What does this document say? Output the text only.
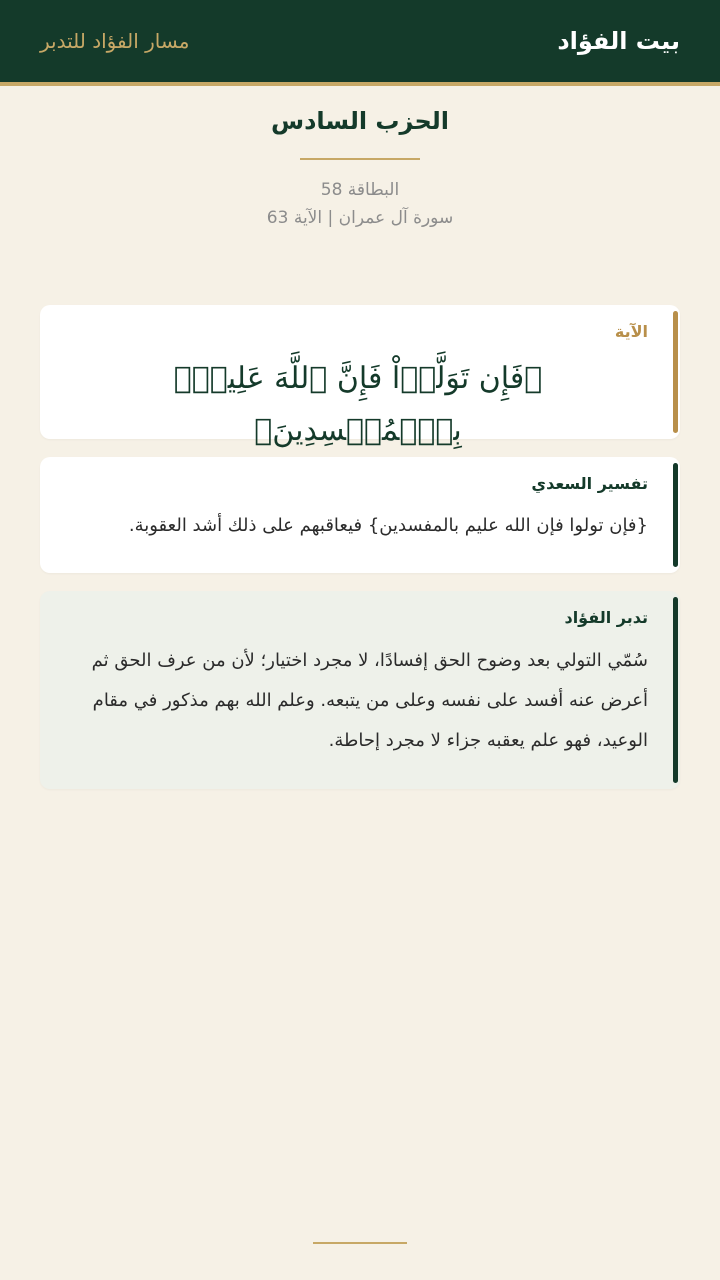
بيت الفؤاد
مسار الفؤاد للتدبر
الحزب السادس
البطاقة 58
سورة آل عمران | الآية 63
الآية
﴿فَإِن تَوَلَّوۡاْ فَإِنَّ ٱللَّهَ عَلِيمُۢ بِٱلۡمُفۡسِدِينَ﴾
تفسير السعدي
{فإن تولوا فإن الله عليم بالمفسدين} فيعاقبهم على ذلك أشد العقوبة.
تدبر الفؤاد
سُمّي التولي بعد وضوح الحق إفسادًا، لا مجرد اختيار؛ لأن من عرف الحق ثم أعرض عنه أفسد على نفسه وعلى من يتبعه. وعلم الله بهم مذكور في مقام الوعيد، فهو علم يعقبه جزاء لا مجرد إحاطة.
